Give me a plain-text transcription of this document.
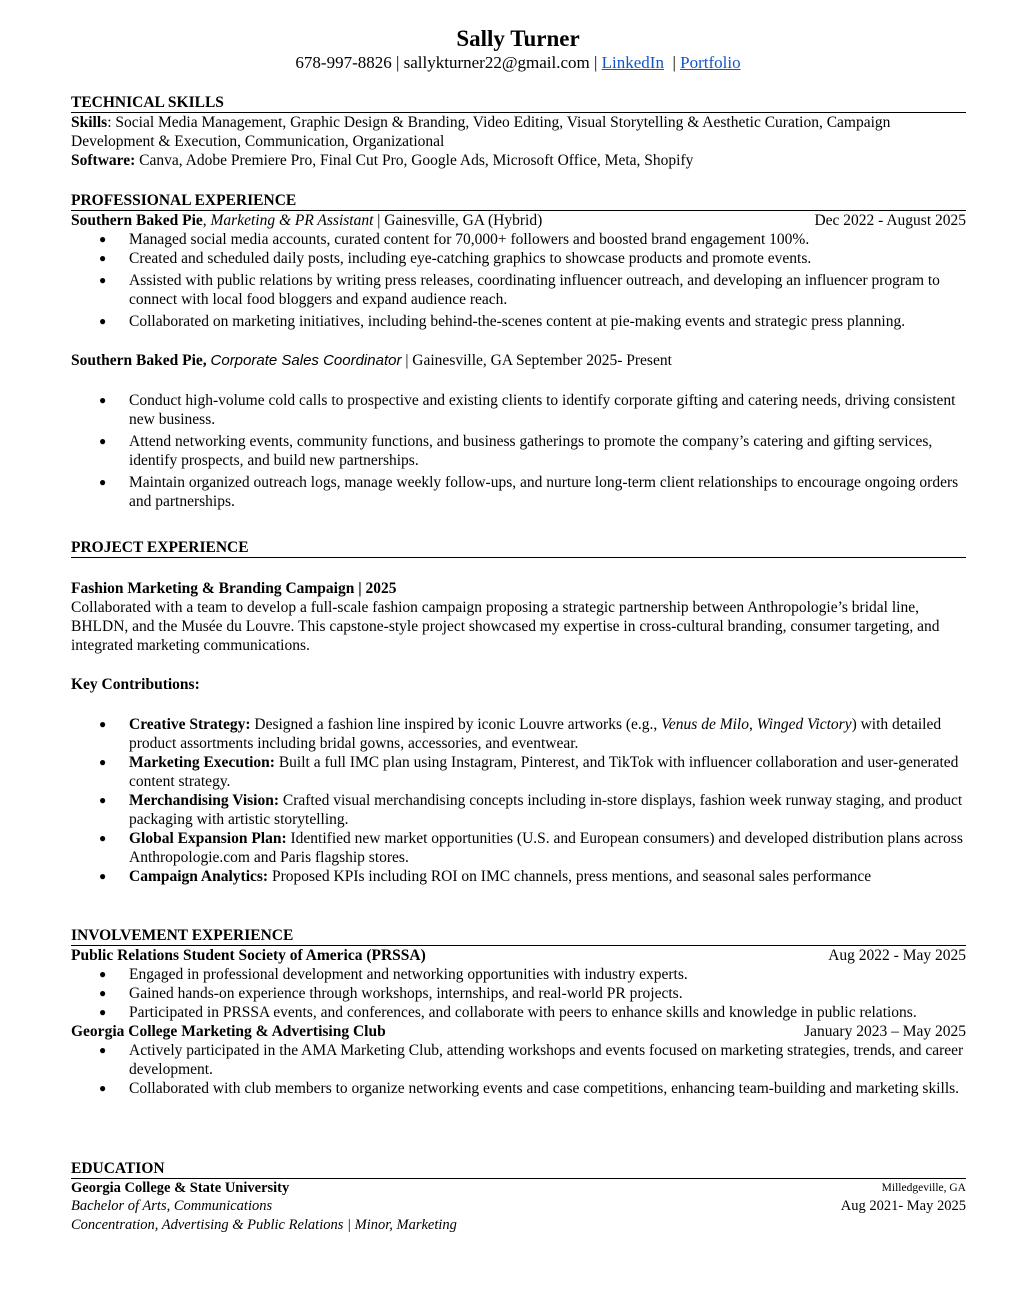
Sally Turner
678-997-8826 | sallykturner22@gmail.com | LinkedIn | Portfolio
TECHNICAL SKILLS

Skills: Social Media Management, Graphic Design & Branding, Video Editing, Visual Storytelling & Aesthetic Curation, Campaign Development & Execution, Communication, Organizational

Software: Canva, Adobe Premiere Pro, Final Cut Pro, Google Ads, Microsoft Office, Meta, Shopify

PROFESSIONAL EXPERIENCE
Southern Baked Pie, Marketing & PR Assistant | Gainesville, GA (Hybrid)	Dec 2022 - August 2025
● Managed social media accounts, curated content for 70,000+ followers and boosted brand engagement 100%.
● Created and scheduled daily posts, including eye-catching graphics to showcase products and promote events.
● Assisted with public relations by writing press releases, coordinating influencer outreach, and developing an influencer program to connect with local food bloggers and expand audience reach.
● Collaborated on marketing initiatives, including behind-the-scenes content at pie-making events and strategic press planning.
Southern Baked Pie, Corporate Sales Coordinator | Gainesville, GA September 2025- Present
● Conduct high-volume cold calls to prospective and existing clients to identify corporate gifting and catering needs, driving consistent new business.
● Attend networking events, community functions, and business gatherings to promote the company’s catering and gifting services, identify prospects, and build new partnerships.
● Maintain organized outreach logs, manage weekly follow-ups, and nurture long-term client relationships to encourage ongoing orders and partnerships.
PROJECT EXPERIENCE

Fashion Marketing & Branding Campaign | 2025

Collaborated with a team to develop a full-scale fashion campaign proposing a strategic partnership between Anthropologie’s bridal line, BHLDN, and the Musée du Louvre. This capstone-style project showcased my expertise in cross-cultural branding, consumer targeting, and integrated marketing communications.

Key Contributions:

● Creative Strategy: Designed a fashion line inspired by iconic Louvre artworks (e.g., Venus de Milo, Winged Victory) with detailed product assortments including bridal gowns, accessories, and eventwear.
● Marketing Execution: Built a full IMC plan using Instagram, Pinterest, and TikTok with influencer collaboration and user-generated content strategy.
● Merchandising Vision: Crafted visual merchandising concepts including in-store displays, fashion week runway staging, and product packaging with artistic storytelling.
● Global Expansion Plan: Identified new market opportunities (U.S. and European consumers) and developed distribution plans across Anthropologie.com and Paris flagship stores.
● Campaign Analytics: Proposed KPIs including ROI on IMC channels, press mentions, and seasonal sales performance
INVOLVEMENT EXPERIENCE
Public Relations Student Society of America (PRSSA)	Aug 2022 - May 2025
● Engaged in professional development and networking opportunities with industry experts.
● Gained hands-on experience through workshops, internships, and real-world PR projects.
● Participated in PRSSA events, and conferences, and collaborate with peers to enhance skills and knowledge in public relations.
Georgia College Marketing & Advertising Club	January 2023 – May 2025
● Actively participated in the AMA Marketing Club, attending workshops and events focused on marketing strategies, trends, and career development.
● Collaborated with club members to organize networking events and case competitions, enhancing team-building and marketing skills.
EDUCATION
Georgia College & State University	Milledgeville, GA
Bachelor of Arts, Communications	Aug 2021- May 2025

Concentration, Advertising & Public Relations | Minor, Marketing
